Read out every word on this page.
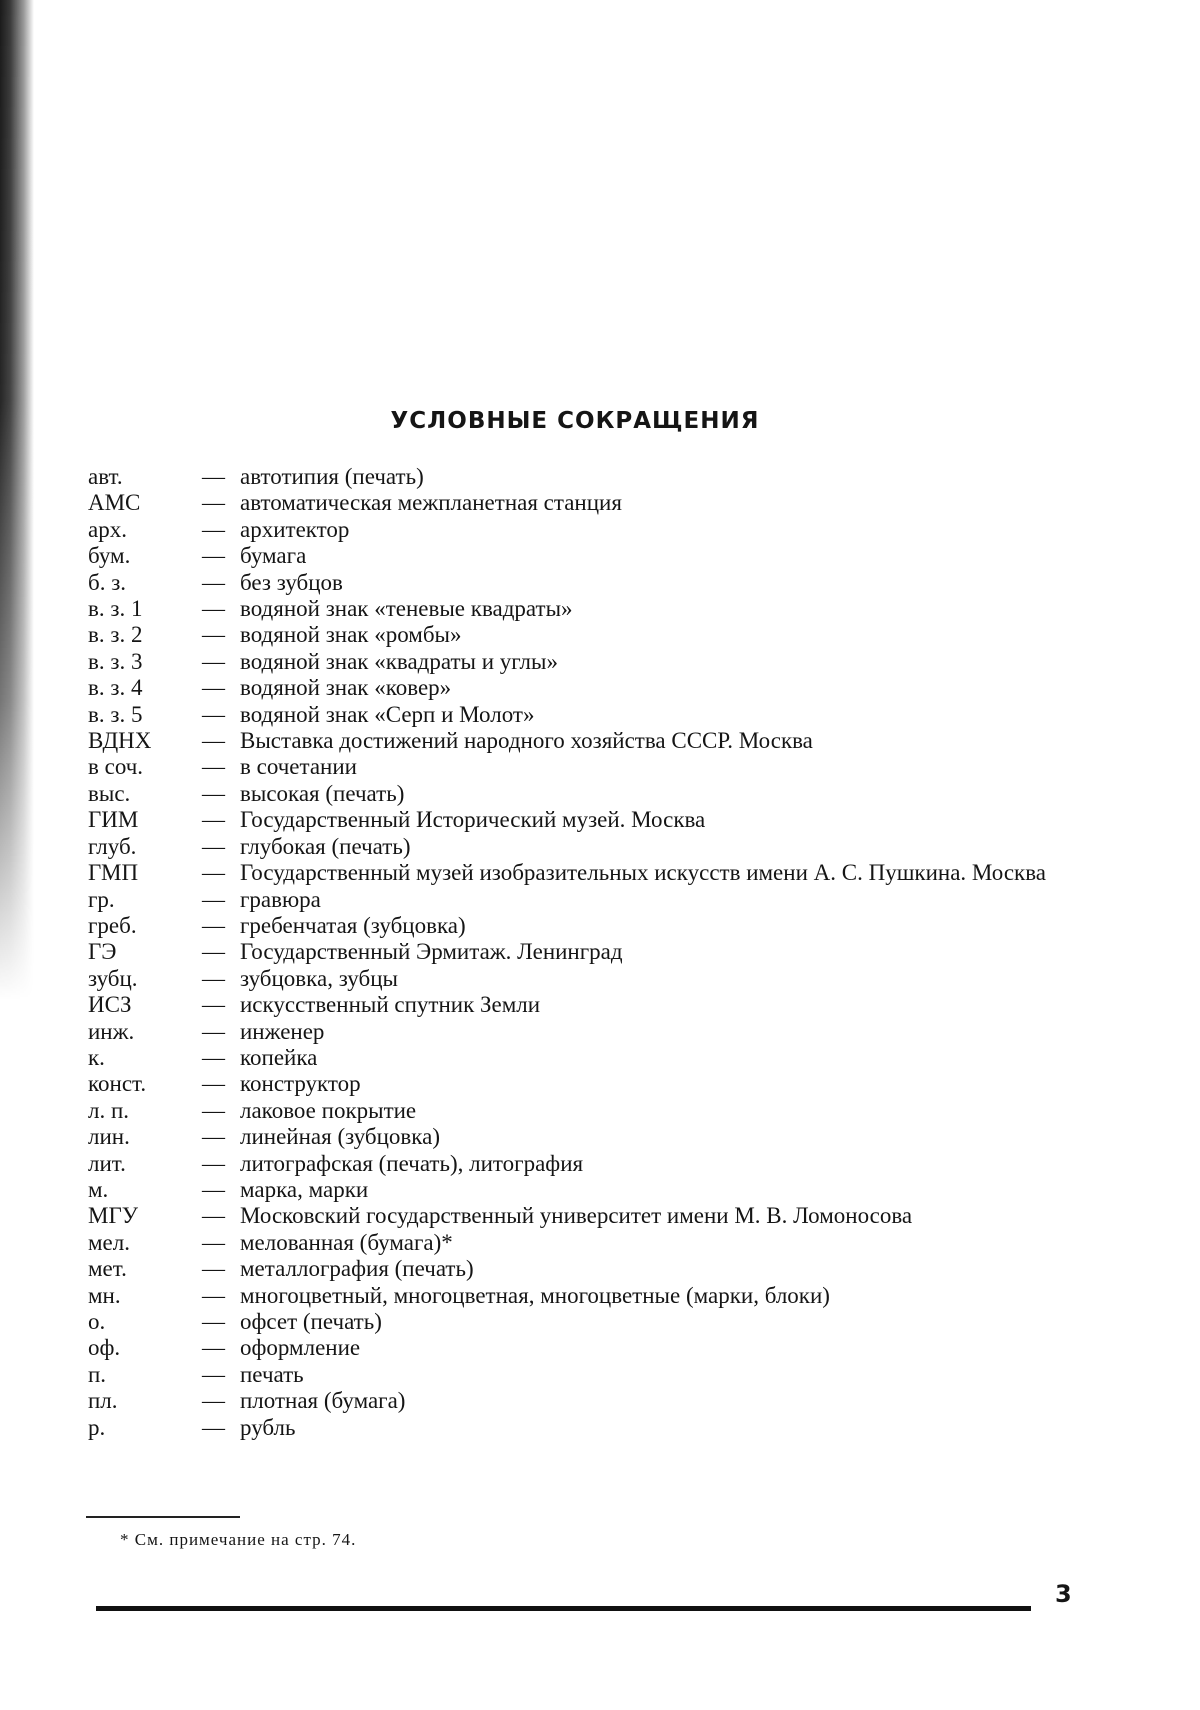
УСЛОВНЫЕ СОКРАЩЕНИЯ
авт.	— автотипия (печать)
АМС	— автоматическая межпланетная станция
арх.	— архитектор
бум.	— бумага
б. з.	— без зубцов
в. з. 1	— водяной знак «теневые квадраты»
в. з. 2	— водяной знак «ромбы»
в. з. 3	— водяной знак «квадраты и углы»
в. з. 4	— водяной знак «ковер»
в. з. 5	— водяной знак «Серп и Молот»
ВДНХ — Выставка достижений народного хозяйства СССР. Москва
в соч.	— в сочетании
выс.	— высокая (печать)
ГИМ	— Государственный Исторический музей. Москва
глуб.	— глубокая (печать)
ГМП	— Государственный музей изобразительных искусств имени А. С. Пушкина. Москва
гр.	— гравюра
греб.	— гребенчатая (зубцовка)
ГЭ	— Государственный Эрмитаж. Ленинград
зубц.	— зубцовка, зубцы
ИСЗ	— искусственный спутник Земли
инж.	— инженер
к.	— копейка
конст. — конструктор
л. п.	— лаковое покрытие
лин.	— линейная (зубцовка)
лит.	— литографская (печать), литография
м.	— марка, марки
МГУ	— Московский государственный университет имени М. В. Ломоносова
мел.	— мелованная (бумага)*
мет.	— металлография (печать)
мн.	— многоцветный, многоцветная, многоцветные (марки, блоки)
о.	— офсет (печать)
оф.	— оформление
п.	— печать
пл.	— плотная (бумага)
р.	— рубль
* См. примечание на стр. 74.
3
